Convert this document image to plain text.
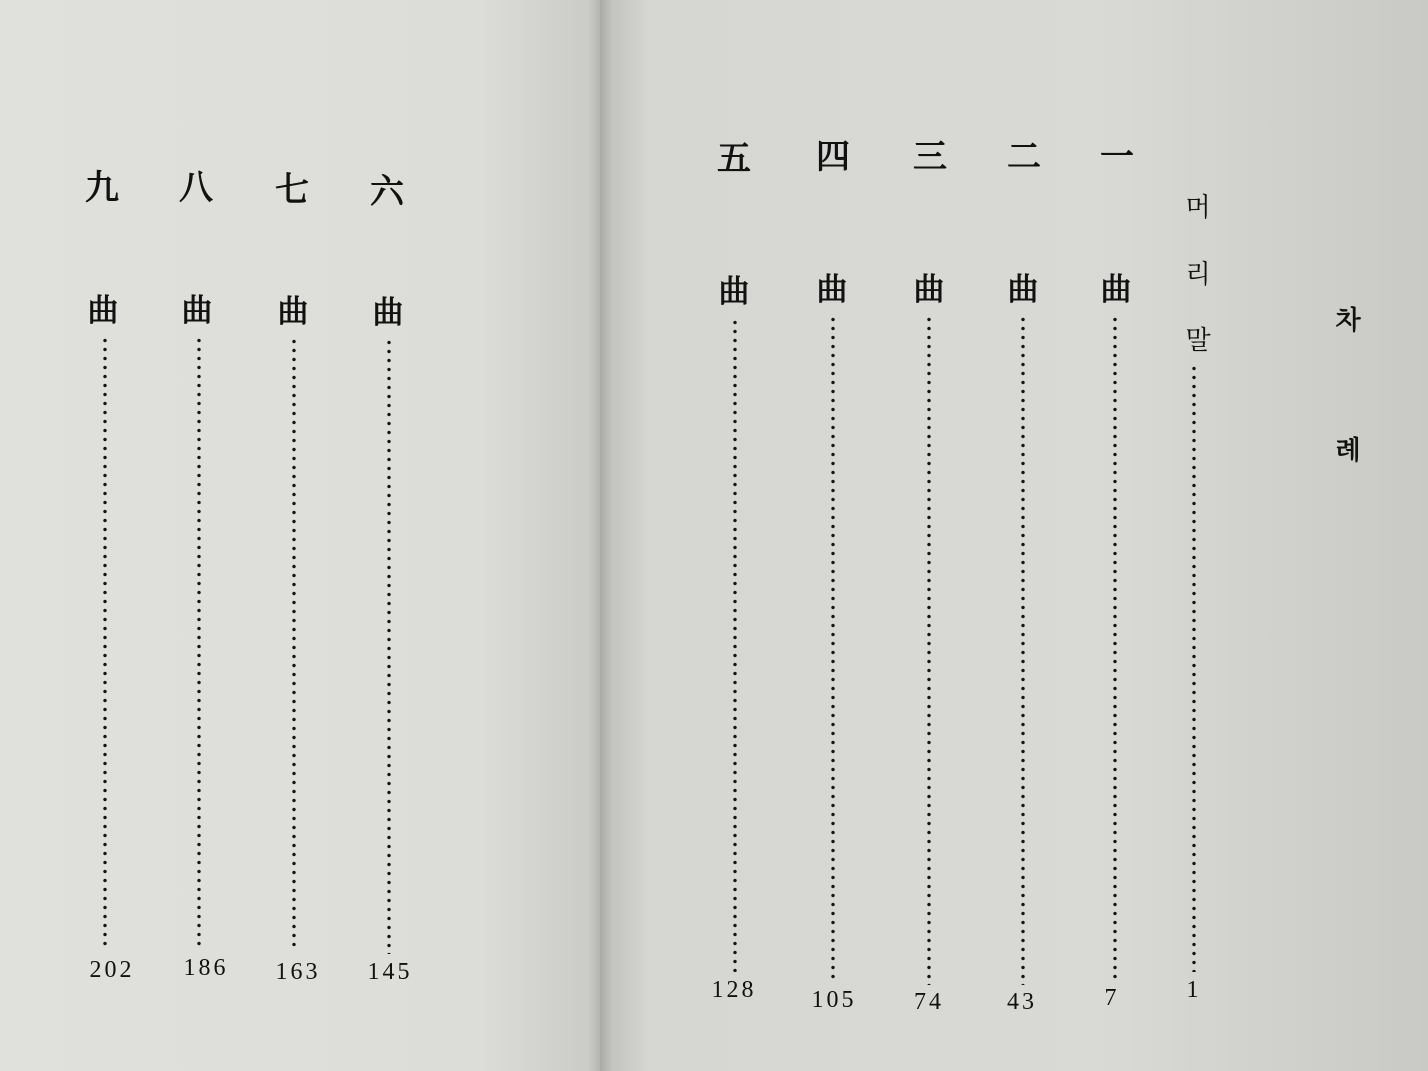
六
曲
145
七
曲
163
八
曲
186
九
曲
202
차
례
머
리
말
1
一
曲
7
二
曲
43
三
曲
74
四
曲
105
五
曲
128
